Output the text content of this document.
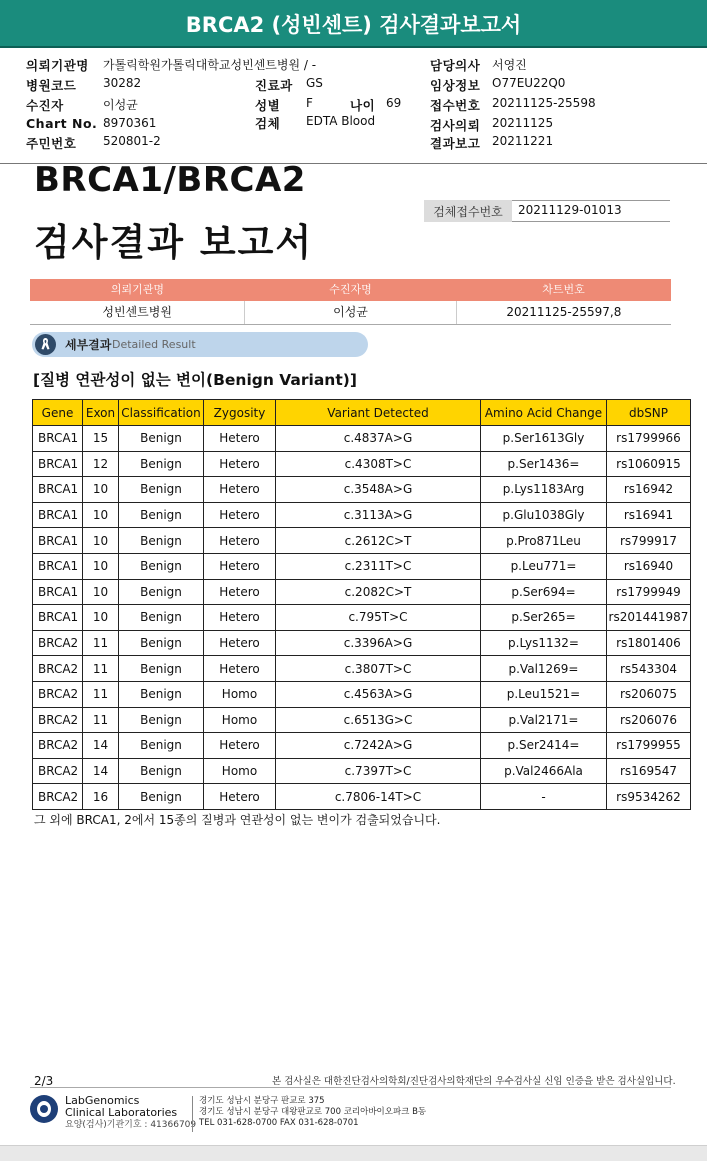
BRCA2 (성빈센트) 검사결과보고서
의뢰기관명 가톨릭학원가톨릭대학교성빈센트병원 / -
병원코드 30282
수진자	이성균
Chart No. 8970361
주민번호 520801-2
진료과 GS
성별 F	나이 69
검체 EDTA Blood
담당의사 서영진
임상정보 O77EU22Q0
접수번호 20211125-25598
검사의뢰 20211125
결과보고 20211221
BRCA1/BRCA2
검사결과 보고서
검체접수번호	20211129-01013
의뢰기관명	수진자명	차트번호
성빈센트병원	이성균	20211125-25597,8
세부결과 Detailed Result
[질병 연관성이 없는 변이(Benign Variant)]
Gene	Exon	Classification	Zygosity	Variant Detected	Amino Acid Change	dbSNP
BRCA1	15	Benign	Hetero	c.4837A>G	p.Ser1613Gly	rs1799966
BRCA1	12	Benign	Hetero	c.4308T>C	p.Ser1436=	rs1060915
BRCA1	10	Benign	Hetero	c.3548A>G	p.Lys1183Arg	rs16942
BRCA1	10	Benign	Hetero	c.3113A>G	p.Glu1038Gly	rs16941
BRCA1	10	Benign	Hetero	c.2612C>T	p.Pro871Leu	rs799917
BRCA1	10	Benign	Hetero	c.2311T>C	p.Leu771=	rs16940
BRCA1	10	Benign	Hetero	c.2082C>T	p.Ser694=	rs1799949
BRCA1	10	Benign	Hetero	c.795T>C	p.Ser265=	rs201441987
BRCA2	11	Benign	Hetero	c.3396A>G	p.Lys1132=	rs1801406
BRCA2	11	Benign	Hetero	c.3807T>C	p.Val1269=	rs543304
BRCA2	11	Benign	Homo	c.4563A>G	p.Leu1521=	rs206075
BRCA2	11	Benign	Homo	c.6513G>C	p.Val2171=	rs206076
BRCA2	14	Benign	Hetero	c.7242A>G	p.Ser2414=	rs1799955
BRCA2	14	Benign	Homo	c.7397T>C	p.Val2466Ala	rs169547
BRCA2	16	Benign	Hetero	c.7806-14T>C	-	rs9534262
그 외에 BRCA1, 2에서 15종의 질병과 연관성이 없는 변이가 검출되었습니다.
2/3	본 검사실은 대한진단검사의학회/진단검사의학재단의 우수검사실 신임 인증을 받은 검사실입니다.
LabGenomics
Clinical Laboratories
요양(검사)기관기호 : 41366709
경기도 성남시 분당구 판교로 375
경기도 성남시 분당구 대왕판교로 700 코리아바이오파크 B동
TEL 031-628-0700 FAX 031-628-0701
